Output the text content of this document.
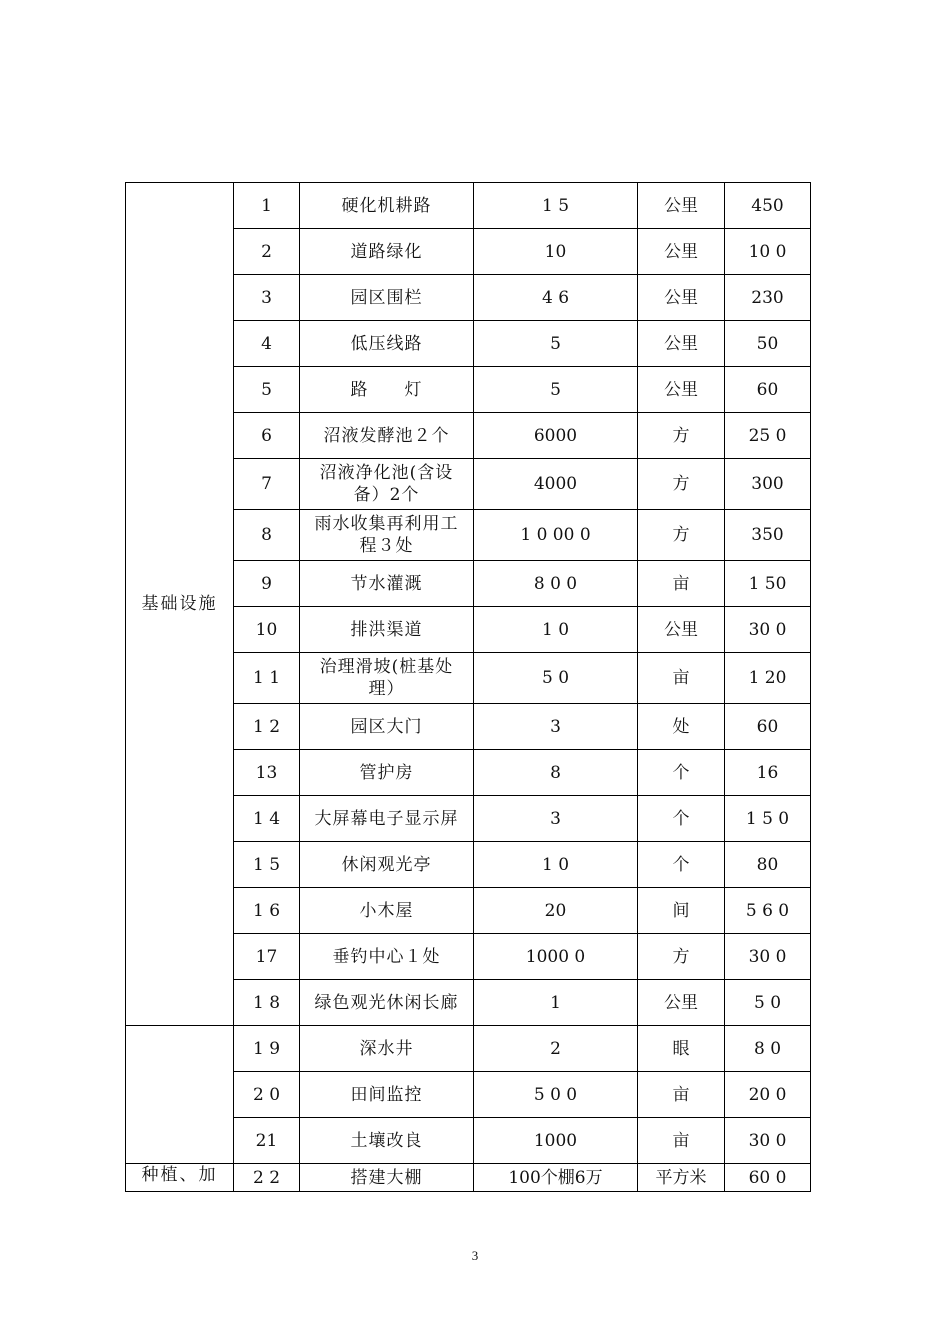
基础设施	1	硬化机耕路	1 5	公里	450
	2	道路绿化	10	公里	10 0
	3	园区围栏	4 6	公里	230
	4	低压线路	5	公里	50
	5	路　　灯	5	公里	60
	6	沼液发酵池２个	6000	方	25 0
	7	沼液净化池(含设备）2个	4000	方	300
	8	雨水收集再利用工程３处	1 0 00 0	方	350
	9	节水灌溉	8 0 0	亩	1 50
	10	排洪渠道	1 0	公里	30 0
	1 1	治理滑坡(桩基处理）	5 0	亩	1 20
	1 2	园区大门	3	处	60
	13	管护房	8	个	16
	1 4	大屏幕电子显示屏	3	个	1 5 0
	1 5	休闲观光亭	1 0	个	80
	1 6	小木屋	20	间	5 6 0
	17	垂钓中心１处	1000 0	方	30 0
	1 8	绿色观光休闲长廊	1	公里	5 0
	1 9	深水井	2	眼	8 0
	2 0	田间监控	5 0 0	亩	20 0
	21	土壤改良	1000	亩	30 0
种植、加	2 2	搭建大棚	100个棚6万	平方米	60 0
3
